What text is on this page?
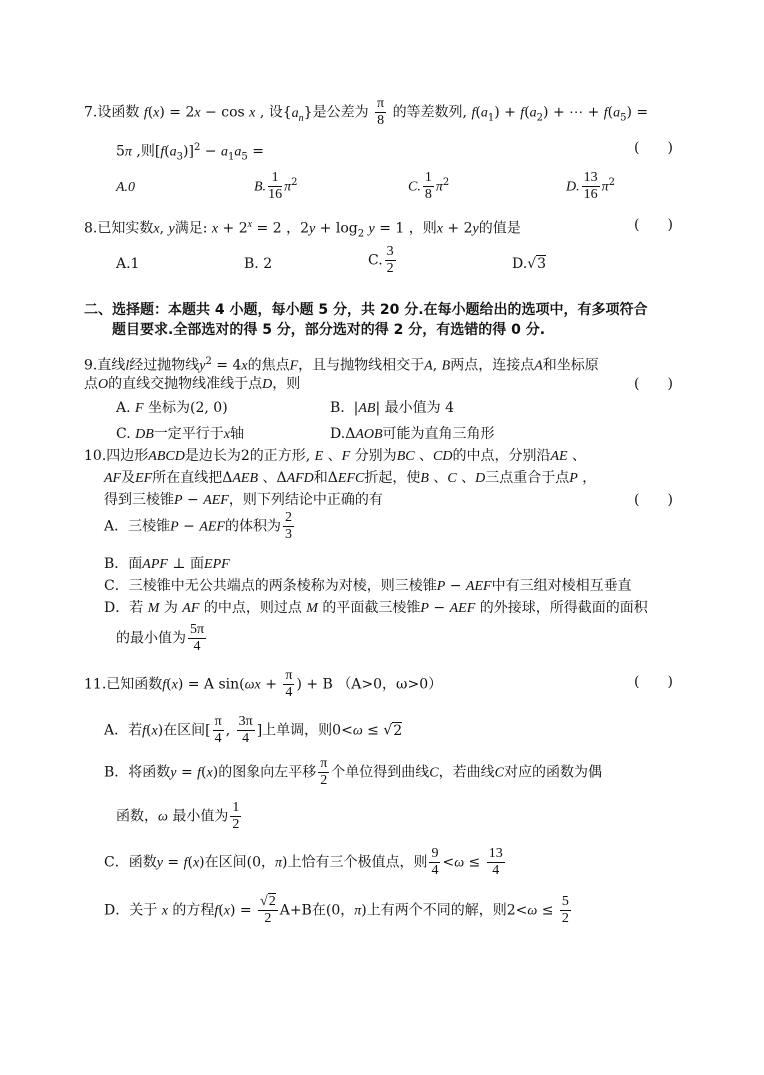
7.设函数 f(x) = 2x − cos x , 设$\{a_n\}$是公差为 $\frac{\pi}{8}$ 的等差数列, $f(a_1) + f(a_2)$ + ⋯ + $f(a_5)$ =
5π ,则$[f(a_3)]^2 - a_1a_5$ =	(　　)
A.0	B. $\frac{1}{16} \pi^2$	C. $\frac{1}{8} \pi^2$	D. $\frac{13}{16} \pi^2$
8.已知实数x, y满足: $x + 2^x = 2$ ，$2y + \log_2 y = 1$ ，则x + 2y的值是	(　　)
A.1	B. 2	C. $\frac{3}{2}$	D.√3
二、选择题：本题共 4 小题，每小题 5 分，共 20 分.在每小题给出的选项中，有多项符合
题目要求.全部选对的得 5 分，部分选对的得 2 分，有选错的得 0 分.
9.直线l经过抛物线$y^2 = 4x$的焦点F，且与抛物线相交于A, B两点，连接点A和坐标原
点O的直线交抛物线准线于点D，则	(　　)
A. F 坐标为(2, 0)	B.  |AB| 最小值为 4
C. DB一定平行于x轴	D.ΔAOB可能为直角三角形
10.四边形ABCD是边长为2的正方形, E 、F 分别为BC 、CD的中点，分别沿AE 、
AF及EF所在直线把ΔAEB 、ΔAFD和ΔEFC折起，使B 、C 、D三点重合于点P ，
得到三棱锥P − AEF，则下列结论中正确的有	(　　)
A．三棱锥P − AEF的体积为 $\frac{2}{3}$
B．面APF ⊥ 面EPF
C．三棱锥中无公共端点的两条棱称为对棱，则三棱锥P − AEF中有三组对棱相互垂直
D．若 M 为 AF 的中点，则过点 M 的平面截三棱锥P − AEF 的外接球，所得截面的面积
的最小值为 $\frac{5\pi}{4}$
11.已知函数f(x) = A $\sin(\omega x + \frac{\pi}{4}$ ) + B （A>0，ω>0）	(　　)
A．若f(x)在区间[ $\frac{\pi}{4}$ , $\frac{3\pi}{4}$ ]上单调，则0<ω ≤ √2
B．将函数y = f(x)的图象向左平移 $\frac{\pi}{2}$ 个单位得到曲线C，若曲线C对应的函数为偶
函数，ω 最小值为 $\frac{1}{2}$
C．函数y = f(x)在区间(0，π)上恰有三个极值点，则 $\frac{9}{4} <\omega \le \frac{13}{4}$
D．关于 x 的方程$f(x) = \frac{√2}{2} A+B$在(0，π)上有两个不同的解，则$2<\omega \le \frac{5}{2}$
